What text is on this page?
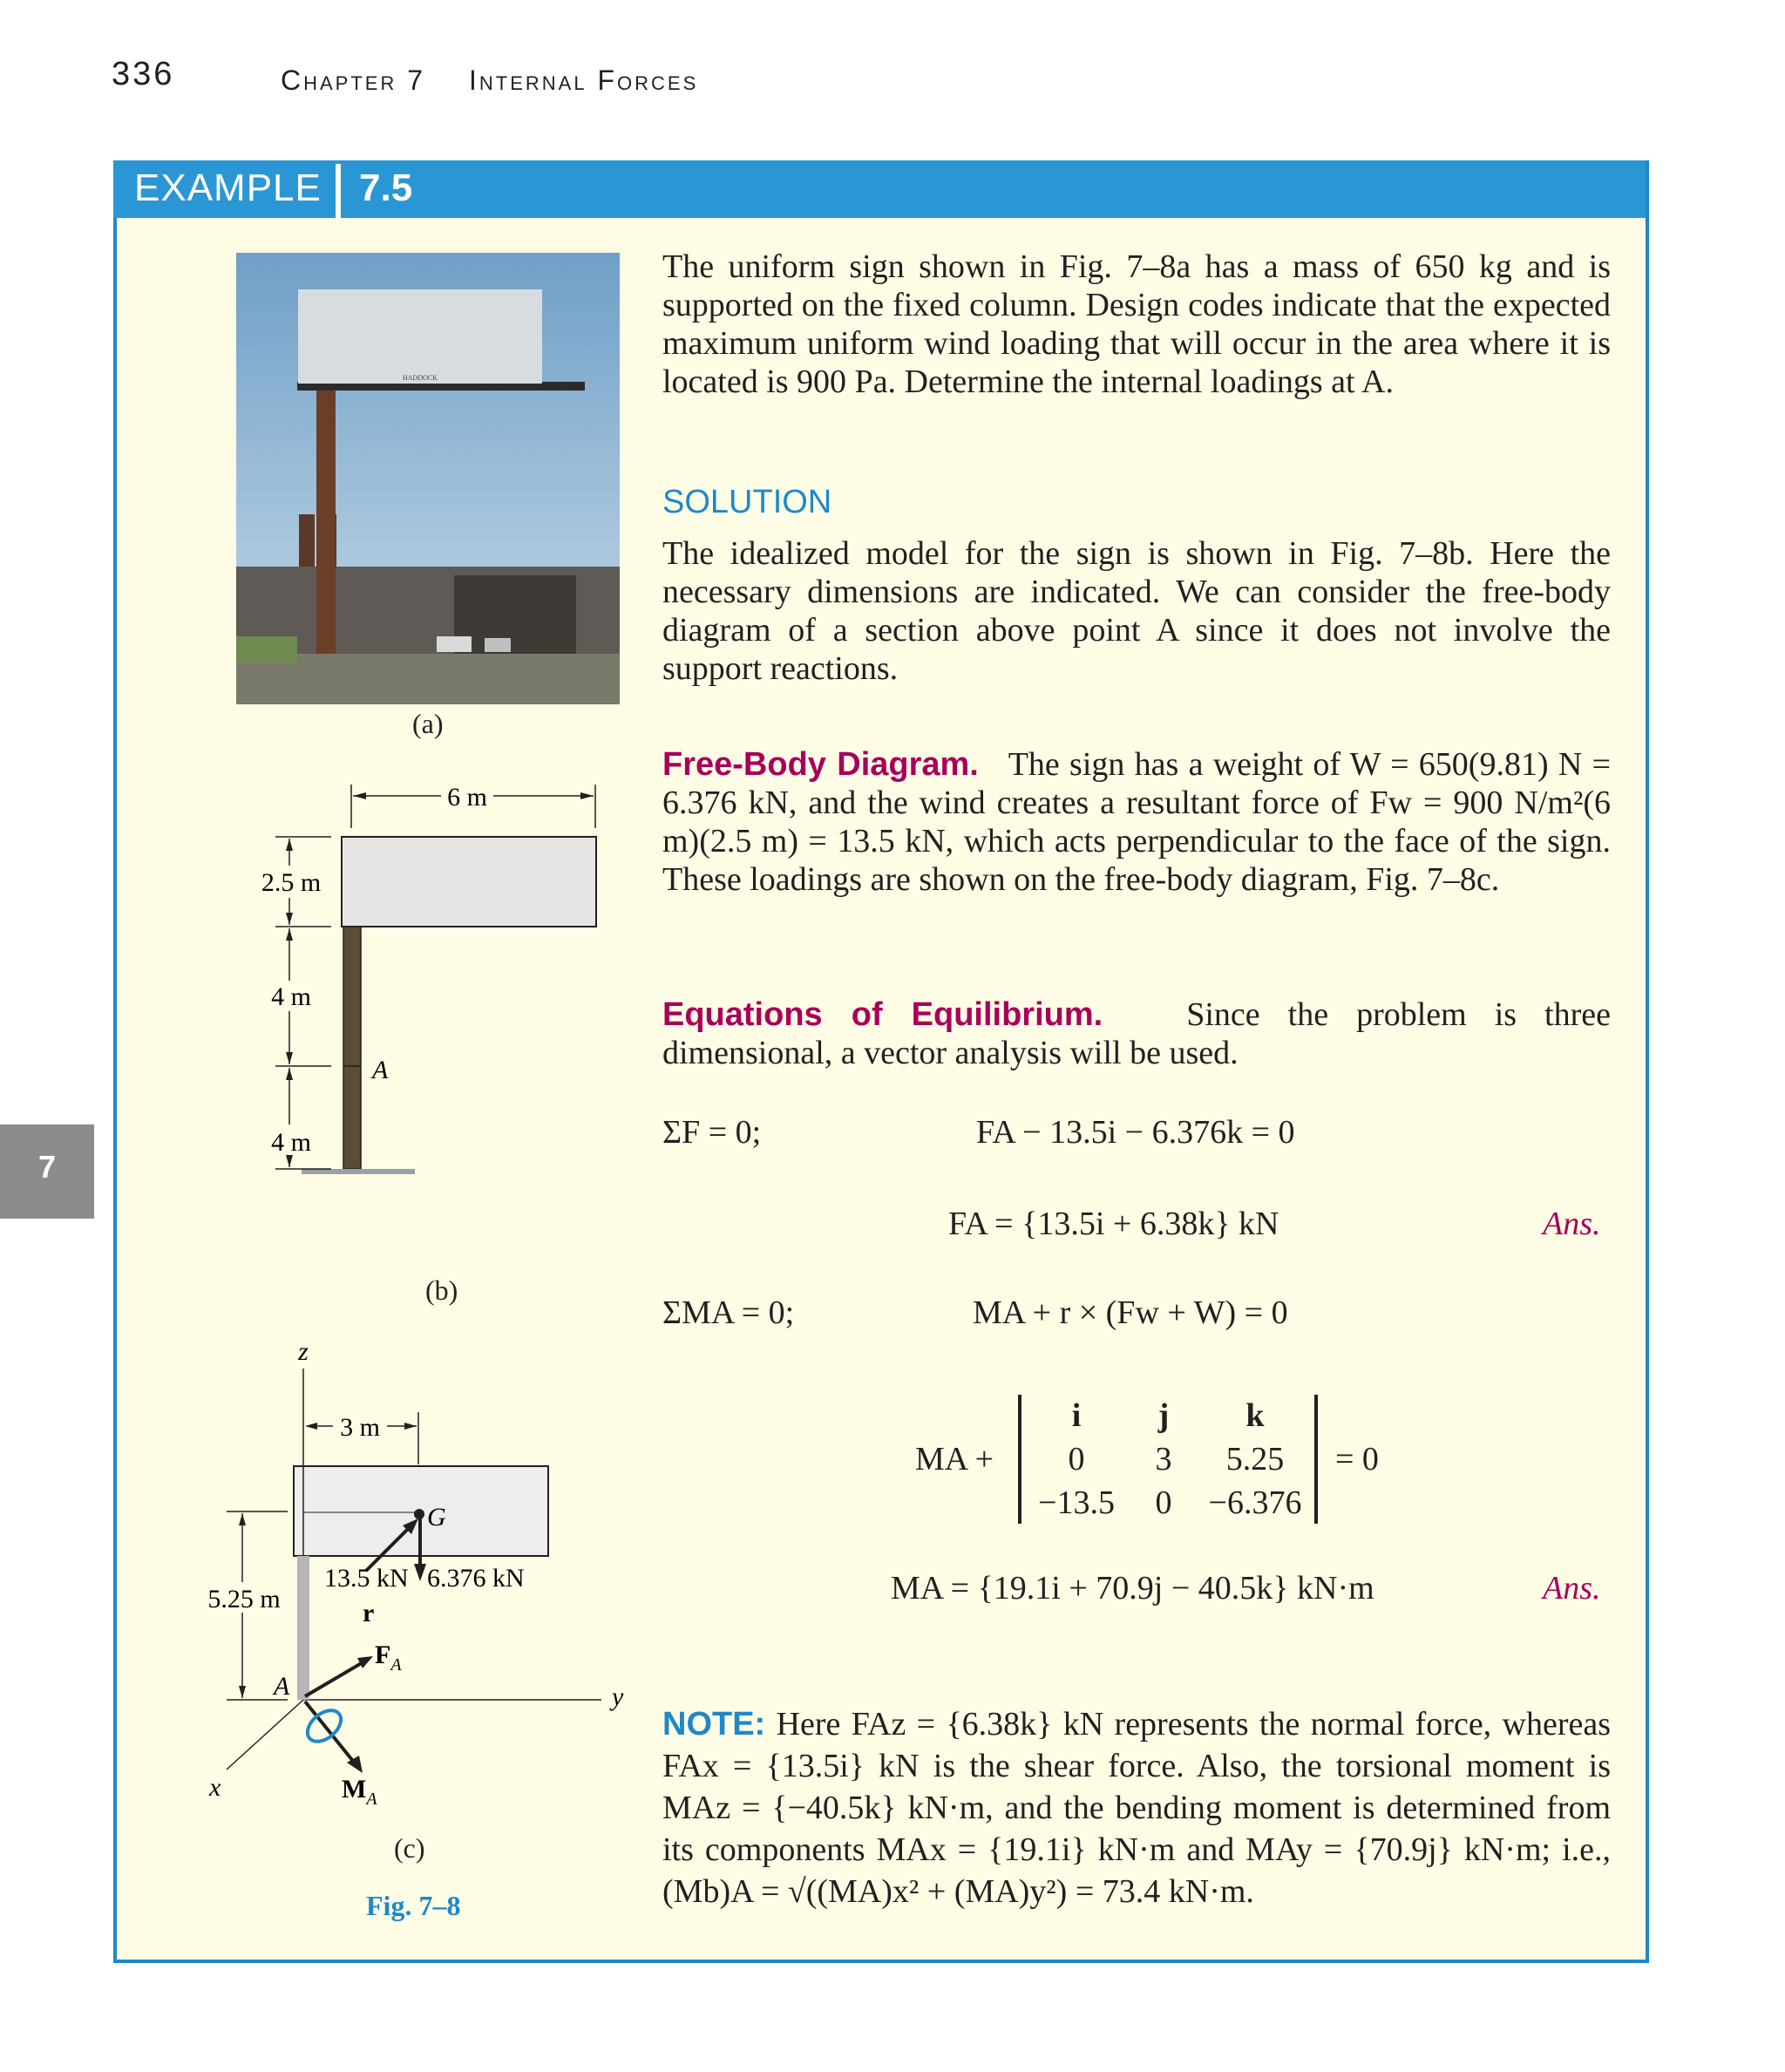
336	Chapter 7 Internal Forces
7
EXAMPLE 7.5
HADDOCK
(a)
6 m
2.5 m
4 m
4 m
A
(b)
z
y
x
3 m
G
5.25 m
13.5 kN 6.376 kN
r
$F_A$
$M_A$
A
(c)
Fig. 7–8
The uniform sign shown in Fig. 7–8a has a mass of 650 kg and is supported on the fixed column. Design codes indicate that the expected maximum uniform wind loading that will occur in the area where it is located is 900 Pa. Determine the internal loadings at A.
SOLUTION
The idealized model for the sign is shown in Fig. 7–8b. Here the necessary dimensions are indicated. We can consider the free-body diagram of a section above point A since it does not involve the support reactions.
Free-Body Diagram. The sign has a weight of W = 650(9.81) N = 6.376 kN, and the wind creates a resultant force of Fw = 900 N/m²(6 m)(2.5 m) = 13.5 kN, which acts perpendicular to the face of the sign. These loadings are shown on the free-body diagram, Fig. 7–8c.
Equations of Equilibrium.	Since the problem is three dimensional, a vector analysis will be used.
ΣF = 0;	FA − 13.5i − 6.376k = 0
FA = {13.5i + 6.38k} kN	Ans.
ΣMA = 0;	MA + r × (Fw + W) = 0
MA +
i	j	k
0	3	5.25
−13.5	0	−6.376
= 0
MA = {19.1i + 70.9j − 40.5k} kN·m	Ans.
NOTE: Here FAz = {6.38k} kN represents the normal force, whereas FAx = {13.5i} kN is the shear force. Also, the torsional moment is MAz = {−40.5k} kN·m, and the bending moment is determined from its components MAx = {19.1i} kN·m and MAy = {70.9j} kN·m; i.e., (Mb)A = √((MA)x² + (MA)y²) = 73.4 kN·m.
